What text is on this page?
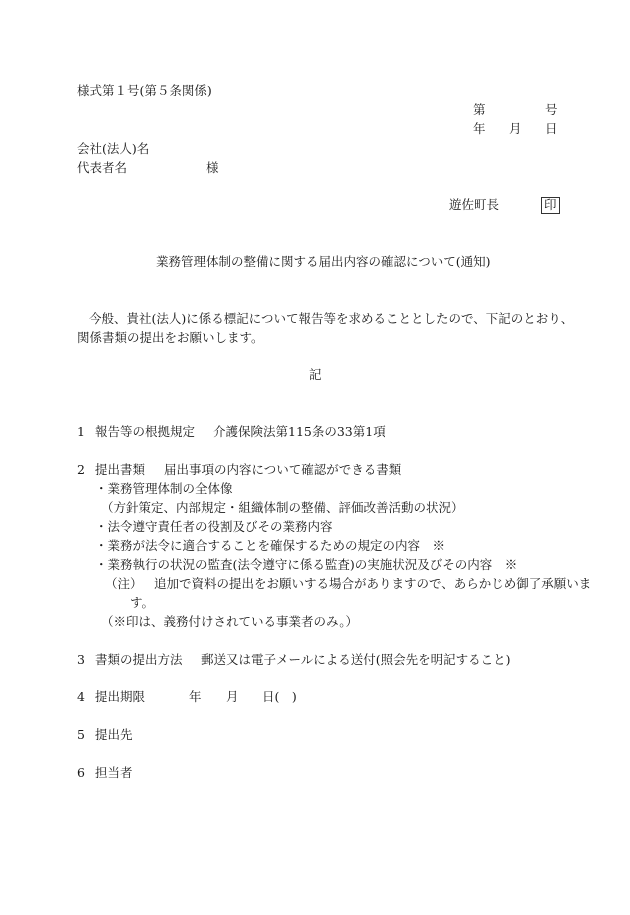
様式第１号(第５条関係)
第	号
年 月 日
会社(法人)名
代表者名	様
遊佐町長	印
業務管理体制の整備に関する届出内容の確認について(通知)
今般、貴社(法人)に係る標記について報告等を求めることとしたので、下記のとおり、
関係書類の提出をお願いします。
記
1 報告等の根拠規定 介護保険法第115条の33第1項
2 提出書類 届出事項の内容について確認ができる書類
・業務管理体制の全体像
（方針策定、内部規定・組織体制の整備、評価改善活動の状況）
・法令遵守責任者の役割及びその業務内容
・業務が法令に適合することを確保するための規定の内容　※
・業務執行の状況の監査(法令遵守に係る監査)の実施状況及びその内容　※
（注） 追加で資料の提出をお願いする場合がありますので、あらかじめ御了承願いま
す。
（※印は、義務付けされている事業者のみ。）
3 書類の提出方法 郵送又は電子メールによる送付(照会先を明記すること)
4 提出期限	年 月 日(　)
5 提出先
6 担当者
